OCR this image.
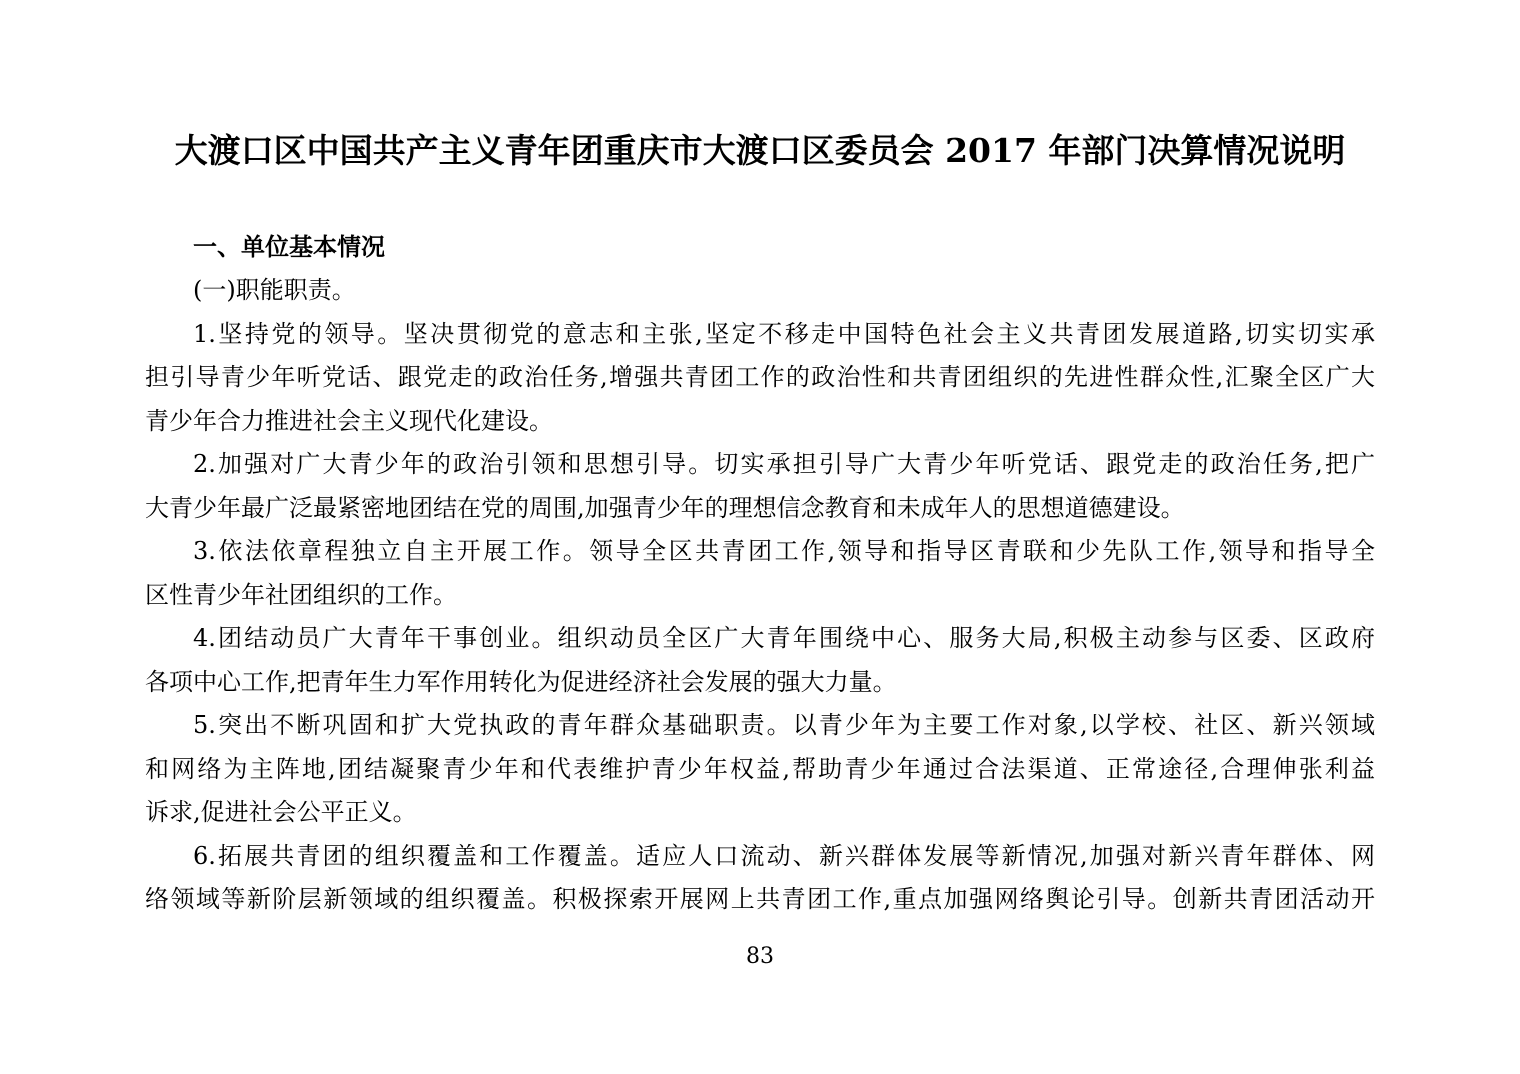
大渡口区中国共产主义青年团重庆市大渡口区委员会 2017 年部门决算情况说明
一、单位基本情况

(一)职能职责。

1.坚持党的领导。坚决贯彻党的意志和主张,坚定不移走中国特色社会主义共青团发展道路,切实切实承
担引导青少年听党话、跟党走的政治任务,增强共青团工作的政治性和共青团组织的先进性群众性,汇聚全区广大
青少年合力推进社会主义现代化建设。

2.加强对广大青少年的政治引领和思想引导。切实承担引导广大青少年听党话、跟党走的政治任务,把广
大青少年最广泛最紧密地团结在党的周围,加强青少年的理想信念教育和未成年人的思想道德建设。

3.依法依章程独立自主开展工作。领导全区共青团工作,领导和指导区青联和少先队工作,领导和指导全
区性青少年社团组织的工作。

4.团结动员广大青年干事创业。组织动员全区广大青年围绕中心、服务大局,积极主动参与区委、区政府
各项中心工作,把青年生力军作用转化为促进经济社会发展的强大力量。

5.突出不断巩固和扩大党执政的青年群众基础职责。以青少年为主要工作对象,以学校、社区、新兴领域
和网络为主阵地,团结凝聚青少年和代表维护青少年权益,帮助青少年通过合法渠道、正常途径,合理伸张利益
诉求,促进社会公平正义。

6.拓展共青团的组织覆盖和工作覆盖。适应人口流动、新兴群体发展等新情况,加强对新兴青年群体、网
络领域等新阶层新领域的组织覆盖。积极探索开展网上共青团工作,重点加强网络舆论引导。创新共青团活动开

83
